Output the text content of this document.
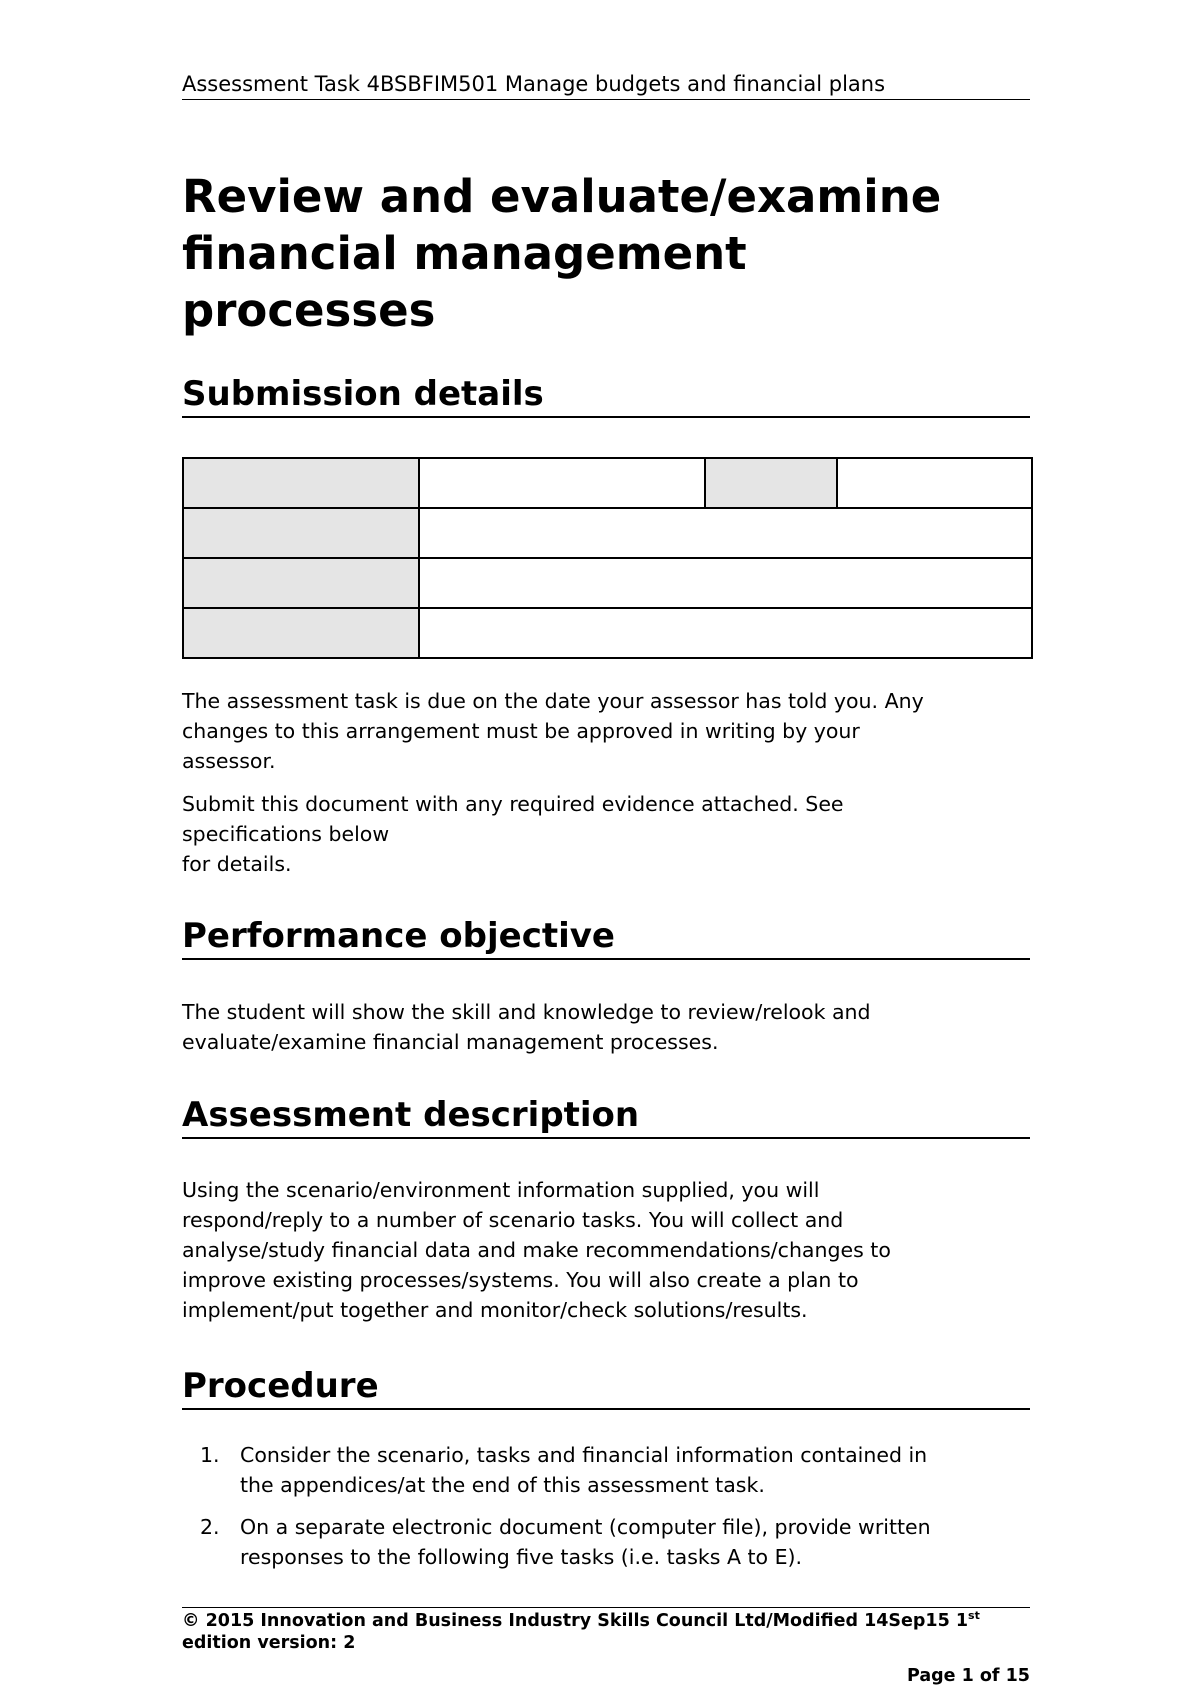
Assessment Task 4BSBFIM501 Manage budgets and financial plans
Review and evaluate/examine
financial management
processes
Submission details

The assessment task is due on the date your assessor has told you. Any
changes to this arrangement must be approved in writing by your
assessor.

Submit this document with any required evidence attached. See
specifications below
for details.

Performance objective

The student will show the skill and knowledge to review/relook and
evaluate/examine financial management processes.

Assessment description

Using the scenario/environment information supplied, you will
respond/reply to a number of scenario tasks. You will collect and
analyse/study financial data and make recommendations/changes to
improve existing processes/systems. You will also create a plan to
implement/put together and monitor/check solutions/results.

Procedure
1. Consider the scenario, tasks and financial information contained in
the appendices/at the end of this assessment task.
2. On a separate electronic document (computer file), provide written
responses to the following five tasks (i.e. tasks A to E).
© 2015 Innovation and Business Industry Skills Council Ltd/Modified 14Sep15 1st
edition version: 2
Page 1 of 15
